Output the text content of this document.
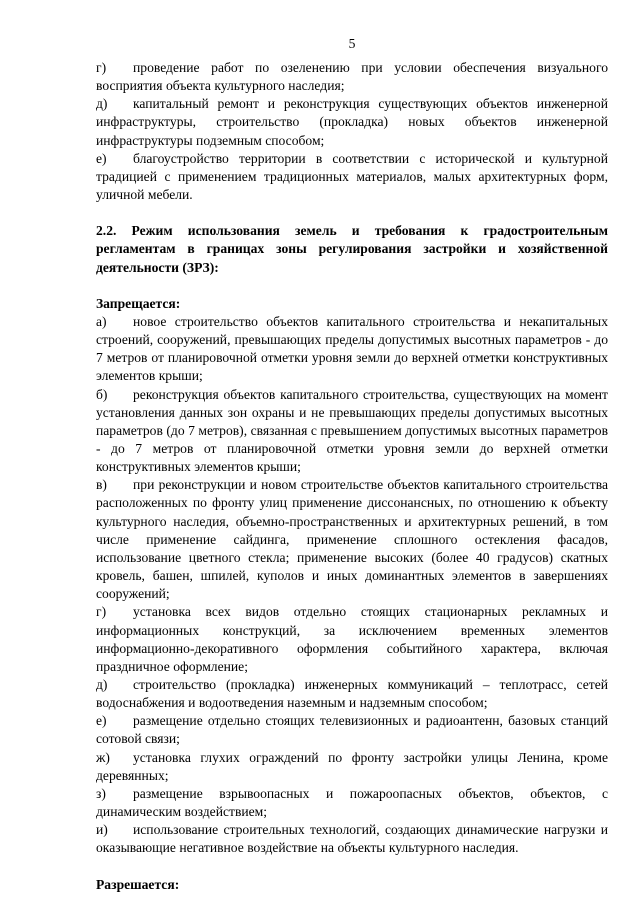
5

г) проведение работ по озеленению при условии обеспечения визуального восприятия объекта культурного наследия;

д) капитальный ремонт и реконструкция существующих объектов инженерной инфраструктуры, строительство (прокладка) новых объектов инженерной инфраструктуры подземным способом;

е) благоустройство территории в соответствии с исторической и культурной традицией с применением традиционных материалов, малых архитектурных форм, уличной мебели.

2.2. Режим использования земель и требования к градостроительным регламентам в границах зоны регулирования застройки и хозяйственной деятельности (ЗРЗ):

Запрещается:

а) новое строительство объектов капитального строительства и некапитальных строений, сооружений, превышающих пределы допустимых высотных параметров - до 7 метров от планировочной отметки уровня земли до верхней отметки конструктивных элементов крыши;

б) реконструкция объектов капитального строительства, существующих на момент установления данных зон охраны и не превышающих пределы допустимых высотных параметров (до 7 метров), связанная с превышением допустимых высотных параметров - до 7 метров от планировочной отметки уровня земли до верхней отметки конструктивных элементов крыши;

в) при реконструкции и новом строительстве объектов капитального строительства расположенных по фронту улиц применение диссонансных, по отношению к объекту культурного наследия, объемно-пространственных и архитектурных решений, в том числе применение сайдинга, применение сплошного остекления фасадов, использование цветного стекла; применение высоких (более 40 градусов) скатных кровель, башен, шпилей, куполов и иных доминантных элементов в завершениях сооружений;

г) установка всех видов отдельно стоящих стационарных рекламных и информационных конструкций, за исключением временных элементов информационно-декоративного оформления событийного характера, включая праздничное оформление;

д) строительство (прокладка) инженерных коммуникаций – теплотрасс, сетей водоснабжения и водоотведения наземным и надземным способом;

е) размещение отдельно стоящих телевизионных и радиоантенн, базовых станций сотовой связи;

ж) установка глухих ограждений по фронту застройки улицы Ленина, кроме деревянных;

з) размещение взрывоопасных и пожароопасных объектов, объектов, с динамическим воздействием;

и) использование строительных технологий, создающих динамические нагрузки и оказывающие негативное воздействие на объекты культурного наследия.

Разрешается:
